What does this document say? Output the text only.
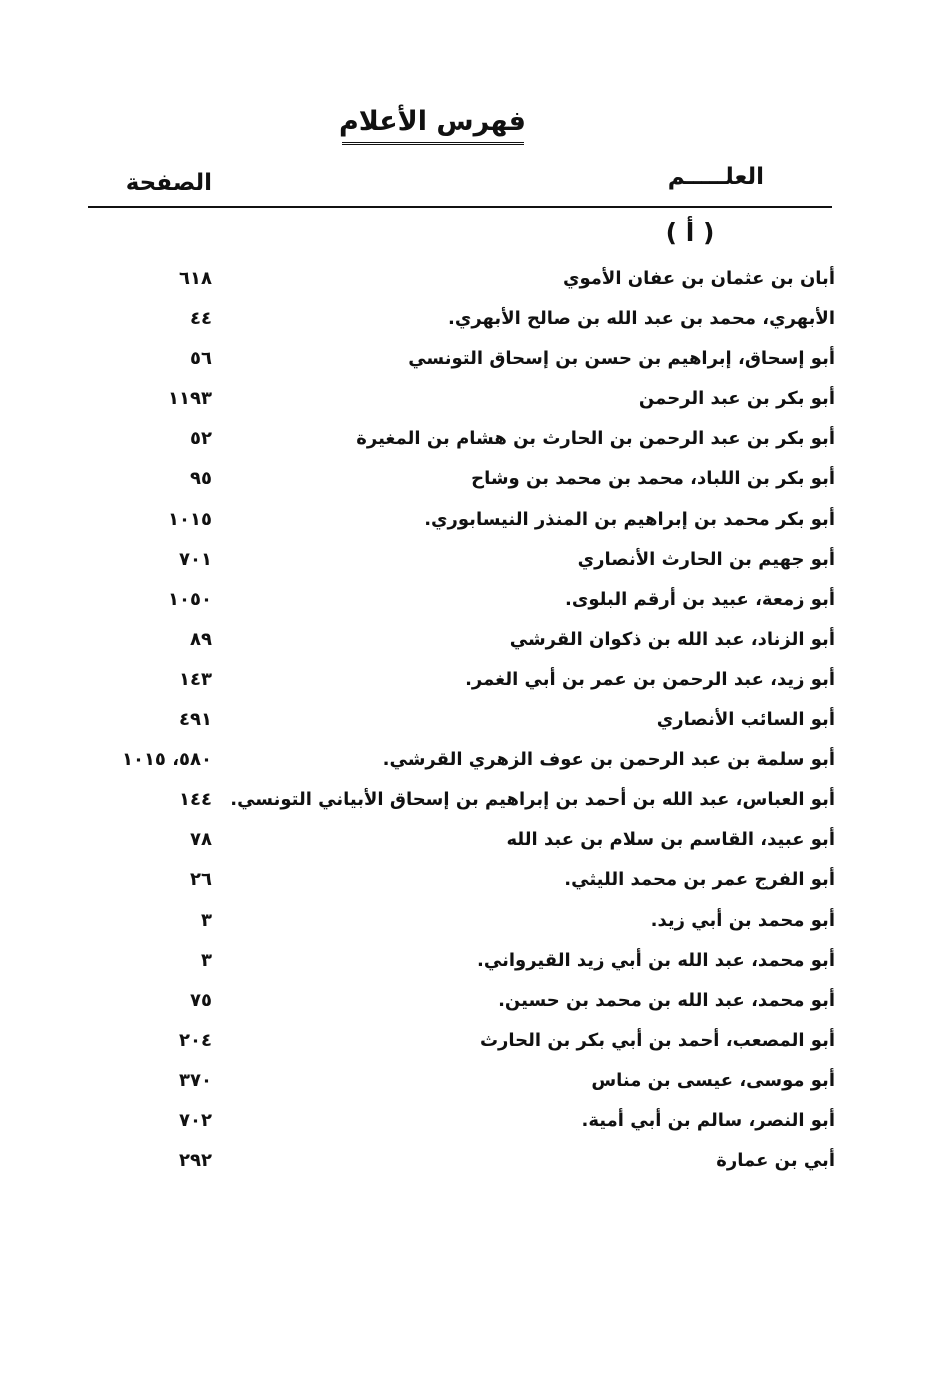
فهرس الأعلام
العلـــــم
الصفحة
( أ )
أبان بن عثمان بن عفان الأموي
٦١٨
الأبهري، محمد بن عبد الله بن صالح الأبهري.
٤٤
أبو إسحاق، إبراهيم بن حسن بن إسحاق التونسي
٥٦
أبو بكر بن عبد الرحمن
١١٩٣
أبو بكر بن عبد الرحمن بن الحارث بن هشام بن المغيرة
٥٢
أبو بكر بن اللباد، محمد بن محمد بن وشاح
٩٥
أبو بكر محمد بن إبراهيم بن المنذر النيسابوري.
١٠١٥
أبو جهيم بن الحارث الأنصاري
٧٠١
أبو زمعة، عبيد بن أرقم البلوى.
١٠٥٠
أبو الزناد، عبد الله بن ذكوان القرشي
٨٩
أبو زيد، عبد الرحمن بن عمر بن أبي الغمر.
١٤٣
أبو السائب الأنصاري
٤٩١
أبو سلمة بن عبد الرحمن بن عوف الزهري القرشي.
٥٨٠، ١٠١٥
أبو العباس، عبد الله بن أحمد بن إبراهيم بن إسحاق الأبياني التونسي.
١٤٤
أبو عبيد، القاسم بن سلام بن عبد الله
٧٨
أبو الفرج عمر بن محمد الليثي.
٢٦
أبو محمد بن أبي زيد.
٣
أبو محمد، عبد الله بن أبي زيد القيرواني.
٣
أبو محمد، عبد الله بن محمد بن حسين.
٧٥
أبو المصعب، أحمد بن أبي بكر بن الحارث
٢٠٤
أبو موسى، عيسى بن مناس
٣٧٠
أبو النصر، سالم بن أبي أمية.
٧٠٢
أبي بن عمارة
٢٩٢
